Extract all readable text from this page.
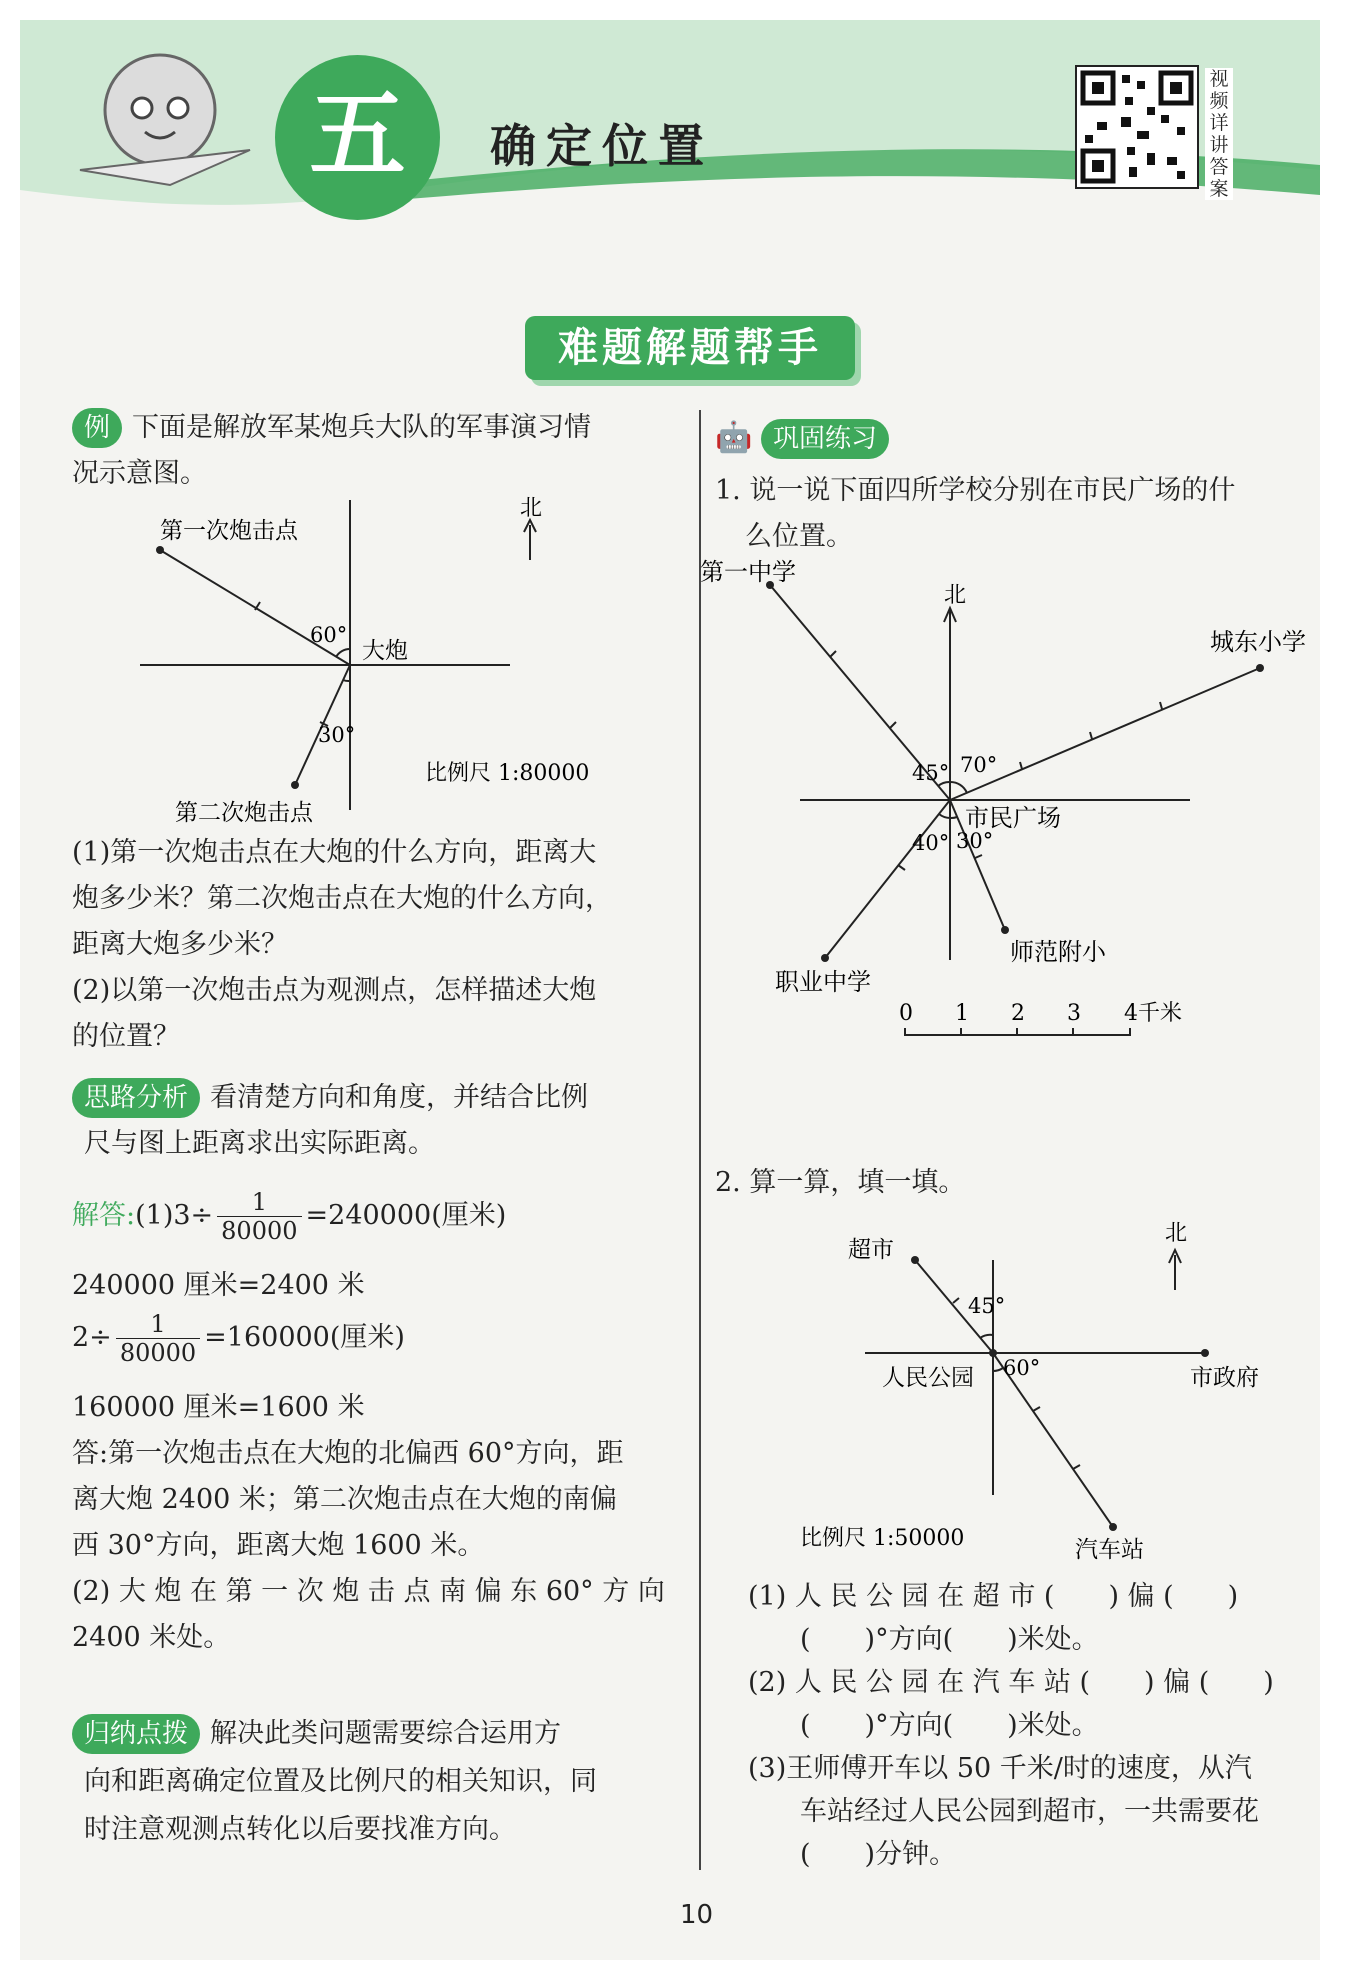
五	确定位置
视频详讲答案
难题解题帮手
例 下面是解放军某炮兵大队的军事演习情
况示意图。
北
第一次炮击点
第二次炮击点
大炮
60°
30°
比例尺 1:80000
(1)第一次炮击点在大炮的什么方向，距离大
炮多少米？第二次炮击点在大炮的什么方向，
距离大炮多少米？
(2)以第一次炮击点为观测点，怎样描述大炮
的位置？
思路分析 看清楚方向和角度，并结合比例
尺与图上距离求出实际距离。
解答:(1)3÷ $\frac{1}{80000} =240000$(厘米)
240000 厘米=2400 米
$2\div \frac{1}{80000} =160000$(厘米)
160000 厘米=1600 米
答:第一次炮击点在大炮的北偏西 60°方向，距
离大炮 2400 米；第二次炮击点在大炮的南偏
西 30°方向，距离大炮 1600 米。
(2) 大 炮 在 第 一 次 炮 击 点 南 偏 东 60° 方 向
2400 米处。
归纳点拨 解决此类问题需要综合运用方
向和距离确定位置及比例尺的相关知识，同
时注意观测点转化以后要找准方向。
🤖 巩固练习
1. 说一说下面四所学校分别在市民广场的什
么位置。
北
第一中学
城东小学
师范附小
职业中学
市民广场
45° 70°
40° 30°
0 1 2 3 4 千米
2. 算一算，填一填。
北
超市
人民公园	市政府
汽车站
45°
60°
比例尺 1:50000
(1) 人 民 公 园 在 超 市 (　　) 偏 (　　)
(　　)°方向(　　)米处。
(2) 人 民 公 园 在 汽 车 站 (　　) 偏 (　　)
(　　)°方向(　　)米处。
(3)王师傅开车以 50 千米/时的速度，从汽
车站经过人民公园到超市，一共需要花
(　　)分钟。
10
